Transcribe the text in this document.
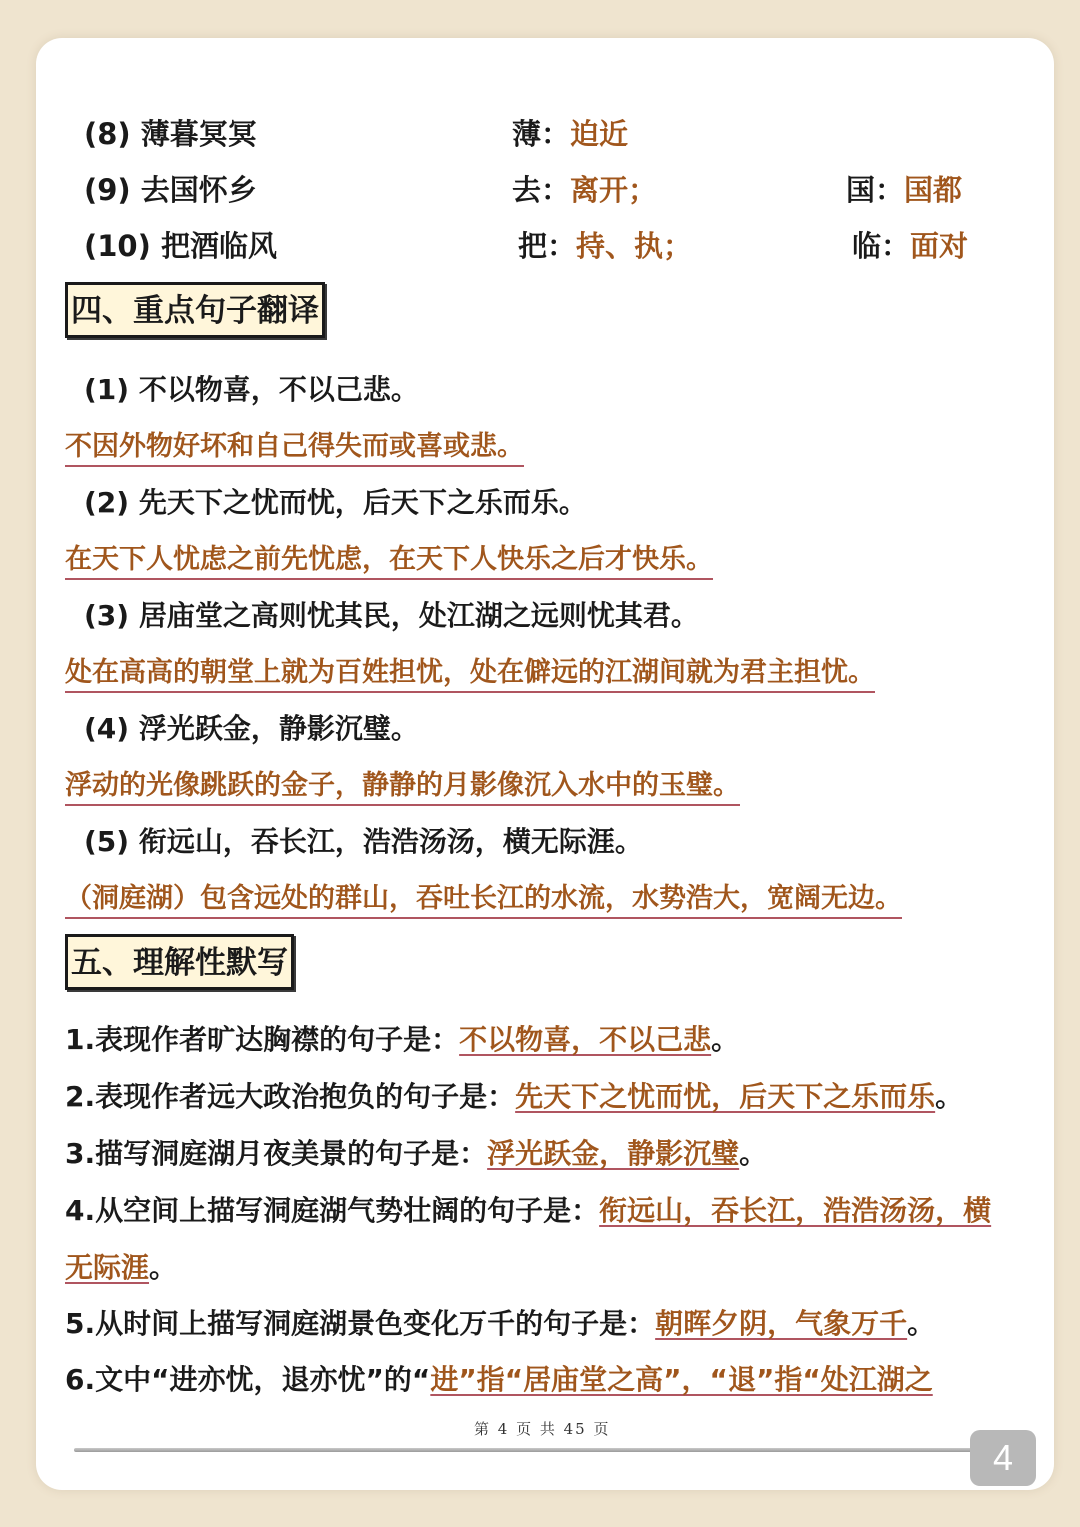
(8) 薄暮冥冥	薄：迫近
(9) 去国怀乡	去：离开；	国：国都
(10) 把酒临风	把：持、执；	临：面对
四、重点句子翻译
(1) 不以物喜，不以己悲。
不因外物好坏和自己得失而或喜或悲。
(2) 先天下之忧而忧，后天下之乐而乐。
在天下人忧虑之前先忧虑，在天下人快乐之后才快乐。
(3) 居庙堂之高则忧其民，处江湖之远则忧其君。
处在高高的朝堂上就为百姓担忧，处在僻远的江湖间就为君主担忧。
(4) 浮光跃金，静影沉璧。
浮动的光像跳跃的金子，静静的月影像沉入水中的玉璧。
(5) 衔远山，吞长江，浩浩汤汤，横无际涯。
（洞庭湖）包含远处的群山，吞吐长江的水流，水势浩大，宽阔无边。
五、理解性默写
1.表现作者旷达胸襟的句子是：不以物喜，不以己悲。
2.表现作者远大政治抱负的句子是：先天下之忧而忧，后天下之乐而乐。
3.描写洞庭湖月夜美景的句子是：浮光跃金，静影沉璧。
4.从空间上描写洞庭湖气势壮阔的句子是：衔远山，吞长江，浩浩汤汤，横
无际涯。
5.从时间上描写洞庭湖景色变化万千的句子是：朝晖夕阴，气象万千。
6.文中“进亦忧，退亦忧”的“进”指“居庙堂之高”，“退”指“处江湖之
第 4 页 共 45 页
4
